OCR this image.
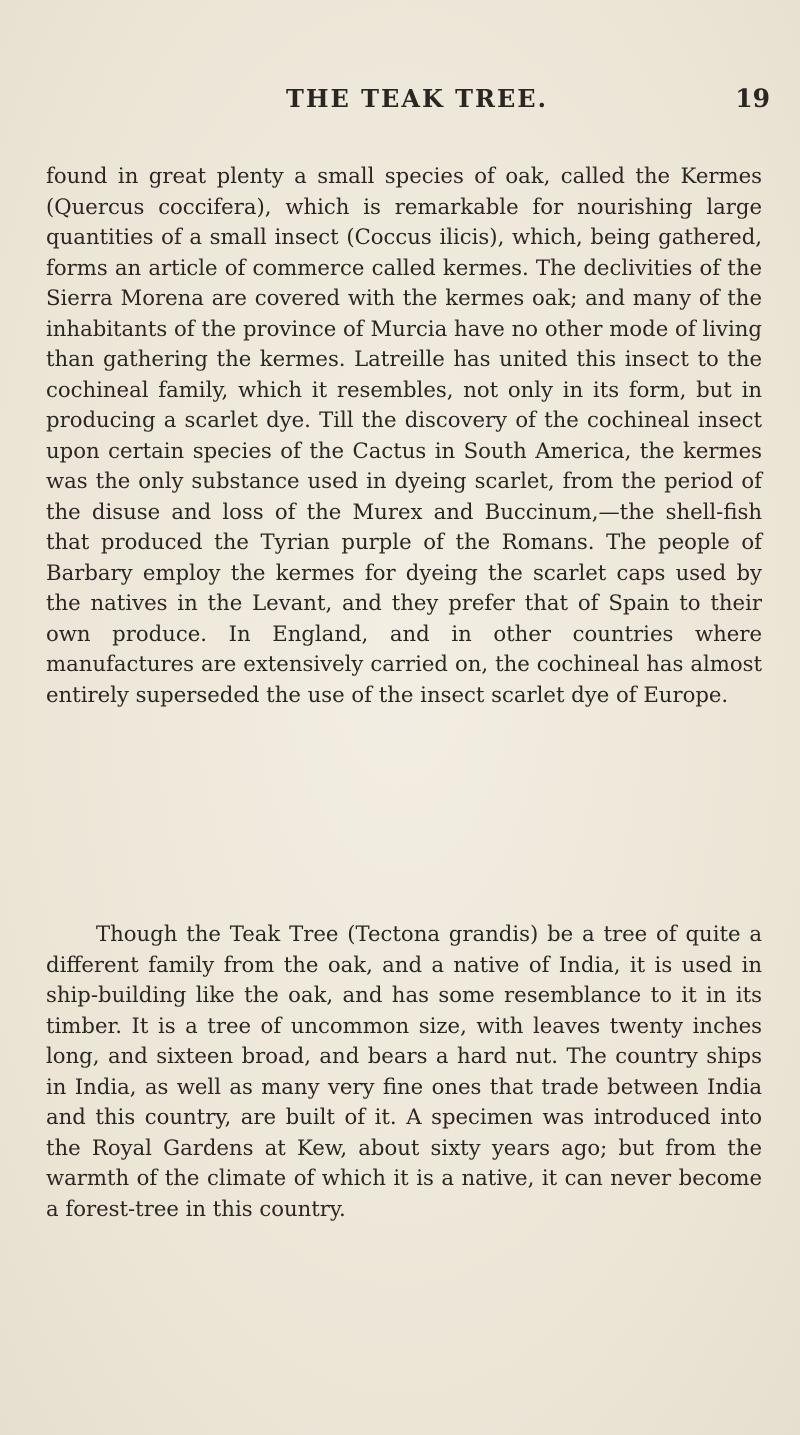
THE TEAK TREE.	19

found in great plenty a small species of oak, called the Kermes (Quercus coccifera), which is remarkable for nourishing large quantities of a small insect (Coccus ilicis), which, being gathered, forms an article of commerce called kermes. The declivities of the Sierra Morena are covered with the kermes oak; and many of the inhabitants of the province of Murcia have no other mode of living than gathering the kermes. Latreille has united this insect to the cochineal family, which it resembles, not only in its form, but in producing a scarlet dye. Till the discovery of the cochineal insect upon certain species of the Cactus in South America, the kermes was the only substance used in dyeing scarlet, from the period of the disuse and loss of the Murex and Buccinum,—the shell-fish that produced the Tyrian purple of the Romans. The people of Barbary employ the kermes for dyeing the scarlet caps used by the natives in the Levant, and they prefer that of Spain to their own produce. In England, and in other countries where manufactures are extensively carried on, the cochineal has almost entirely superseded the use of the insect scarlet dye of Europe.

Though the Teak Tree (Tectona grandis) be a tree of quite a different family from the oak, and a native of India, it is used in ship-building like the oak, and has some resemblance to it in its timber. It is a tree of uncommon size, with leaves twenty inches long, and sixteen broad, and bears a hard nut. The country ships in India, as well as many very fine ones that trade between India and this country, are built of it. A specimen was introduced into the Royal Gardens at Kew, about sixty years ago; but from the warmth of the climate of which it is a native, it can never become a forest-tree in this country.
